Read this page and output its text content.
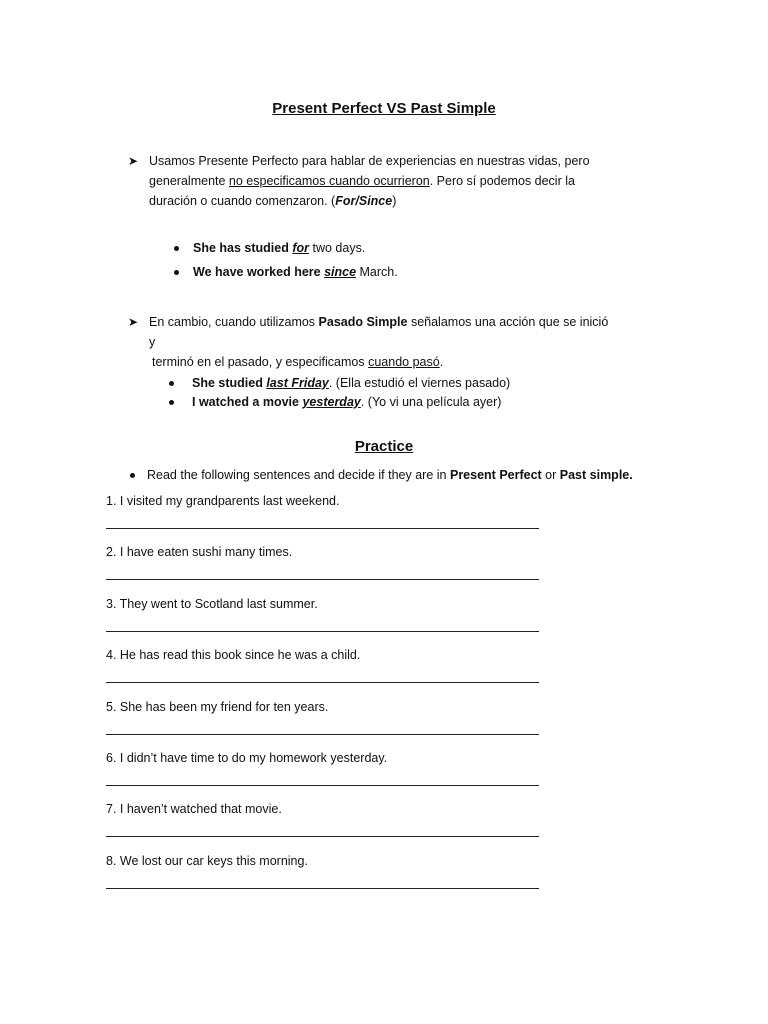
Present Perfect VS Past Simple
➤ Usamos Presente Perfecto para hablar de experiencias en nuestras vidas, pero
generalmente no especificamos cuando ocurrieron. Pero sí podemos decir la
duración o cuando comenzaron. (For/Since)
She has studied for two days.
We have worked here since March.
➤ En cambio, cuando utilizamos Pasado Simple señalamos una acción que se inició y
terminó en el pasado, y especificamos cuando pasó.
She studied last Friday. (Ella estudió el viernes pasado)
I watched a movie yesterday. (Yo vi una película ayer)
Practice
Read the following sentences and decide if they are in Present Perfect or Past simple.
1. I visited my grandparents last weekend.
2. I have eaten sushi many times.
3. They went to Scotland last summer.
4. He has read this book since he was a child.
5. She has been my friend for ten years.
6. I didn’t have time to do my homework yesterday.
7. I haven’t watched that movie.
8. We lost our car keys this morning.
